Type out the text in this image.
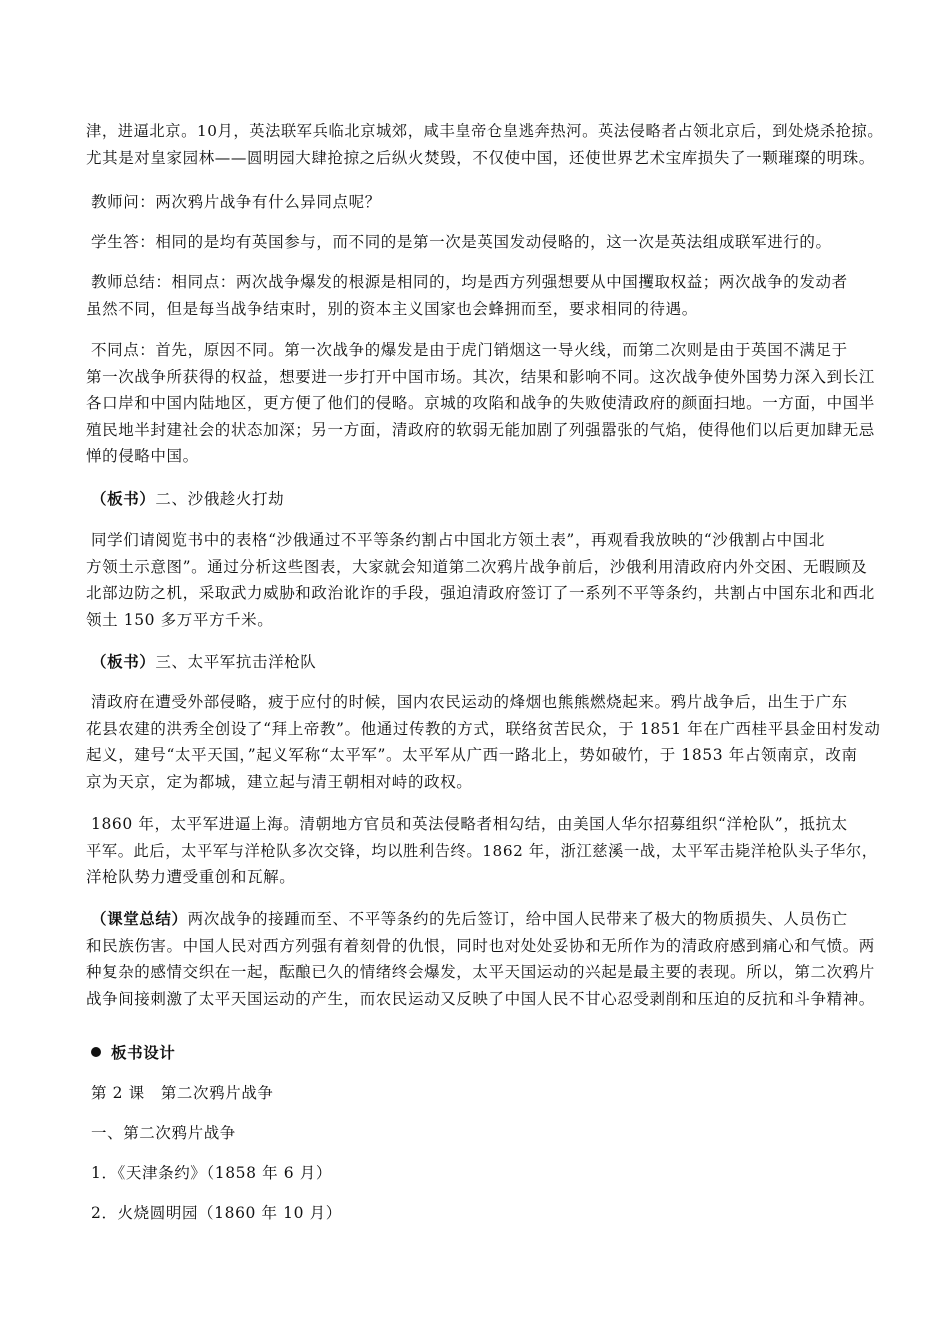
津，进逼北京。10月，英法联军兵临北京城郊，咸丰皇帝仓皇逃奔热河。英法侵略者占领北京后，到处烧杀抢掠。
尤其是对皇家园林——圆明园大肆抢掠之后纵火焚毁，不仅使中国，还使世界艺术宝库损失了一颗璀璨的明珠。

教师问：两次鸦片战争有什么异同点呢？

学生答：相同的是均有英国参与，而不同的是第一次是英国发动侵略的，这一次是英法组成联军进行的。

教师总结：相同点：两次战争爆发的根源是相同的，均是西方列强想要从中国攫取权益；两次战争的发动者
虽然不同，但是每当战争结束时，别的资本主义国家也会蜂拥而至，要求相同的待遇。

不同点：首先，原因不同。第一次战争的爆发是由于虎门销烟这一导火线，而第二次则是由于英国不满足于
第一次战争所获得的权益，想要进一步打开中国市场。其次，结果和影响不同。这次战争使外国势力深入到长江
各口岸和中国内陆地区，更方便了他们的侵略。京城的攻陷和战争的失败使清政府的颜面扫地。一方面，中国半
殖民地半封建社会的状态加深；另一方面，清政府的软弱无能加剧了列强嚣张的气焰，使得他们以后更加肆无忌
惮的侵略中国。

（板书）二、沙俄趁火打劫

同学们请阅览书中的表格“沙俄通过不平等条约割占中国北方领土表”，再观看我放映的“沙俄割占中国北
方领土示意图”。通过分析这些图表，大家就会知道第二次鸦片战争前后，沙俄利用清政府内外交困、无暇顾及
北部边防之机，采取武力威胁和政治讹诈的手段，强迫清政府签订了一系列不平等条约，共割占中国东北和西北
领土 150 多万平方千米。

（板书）三、太平军抗击洋枪队

清政府在遭受外部侵略，疲于应付的时候，国内农民运动的烽烟也熊熊燃烧起来。鸦片战争后，出生于广东
花县农建的洪秀全创设了“拜上帝教”。他通过传教的方式，联络贫苦民众，于 1851 年在广西桂平县金田村发动
起义，建号“太平天国，”起义军称“太平军”。太平军从广西一路北上，势如破竹，于 1853 年占领南京，改南
京为天京，定为都城，建立起与清王朝相对峙的政权。

1860 年，太平军进逼上海。清朝地方官员和英法侵略者相勾结，由美国人华尔招募组织“洋枪队”，抵抗太
平军。此后，太平军与洋枪队多次交锋，均以胜利告终。1862 年，浙江慈溪一战，太平军击毙洋枪队头子华尔，
洋枪队势力遭受重创和瓦解。

（课堂总结）两次战争的接踵而至、不平等条约的先后签订，给中国人民带来了极大的物质损失、人员伤亡
和民族伤害。中国人民对西方列强有着刻骨的仇恨，同时也对处处妥协和无所作为的清政府感到痛心和气愤。两
种复杂的感情交织在一起，酝酿已久的情绪终会爆发，太平天国运动的兴起是最主要的表现。所以，第二次鸦片
战争间接刺激了太平天国运动的产生，而农民运动又反映了中国人民不甘心忍受剥削和压迫的反抗和斗争精神。

板书设计

第 2 课　第二次鸦片战争

一、第二次鸦片战争

1．《天津条约》（1858 年 6 月）

2．火烧圆明园（1860 年 10 月）
